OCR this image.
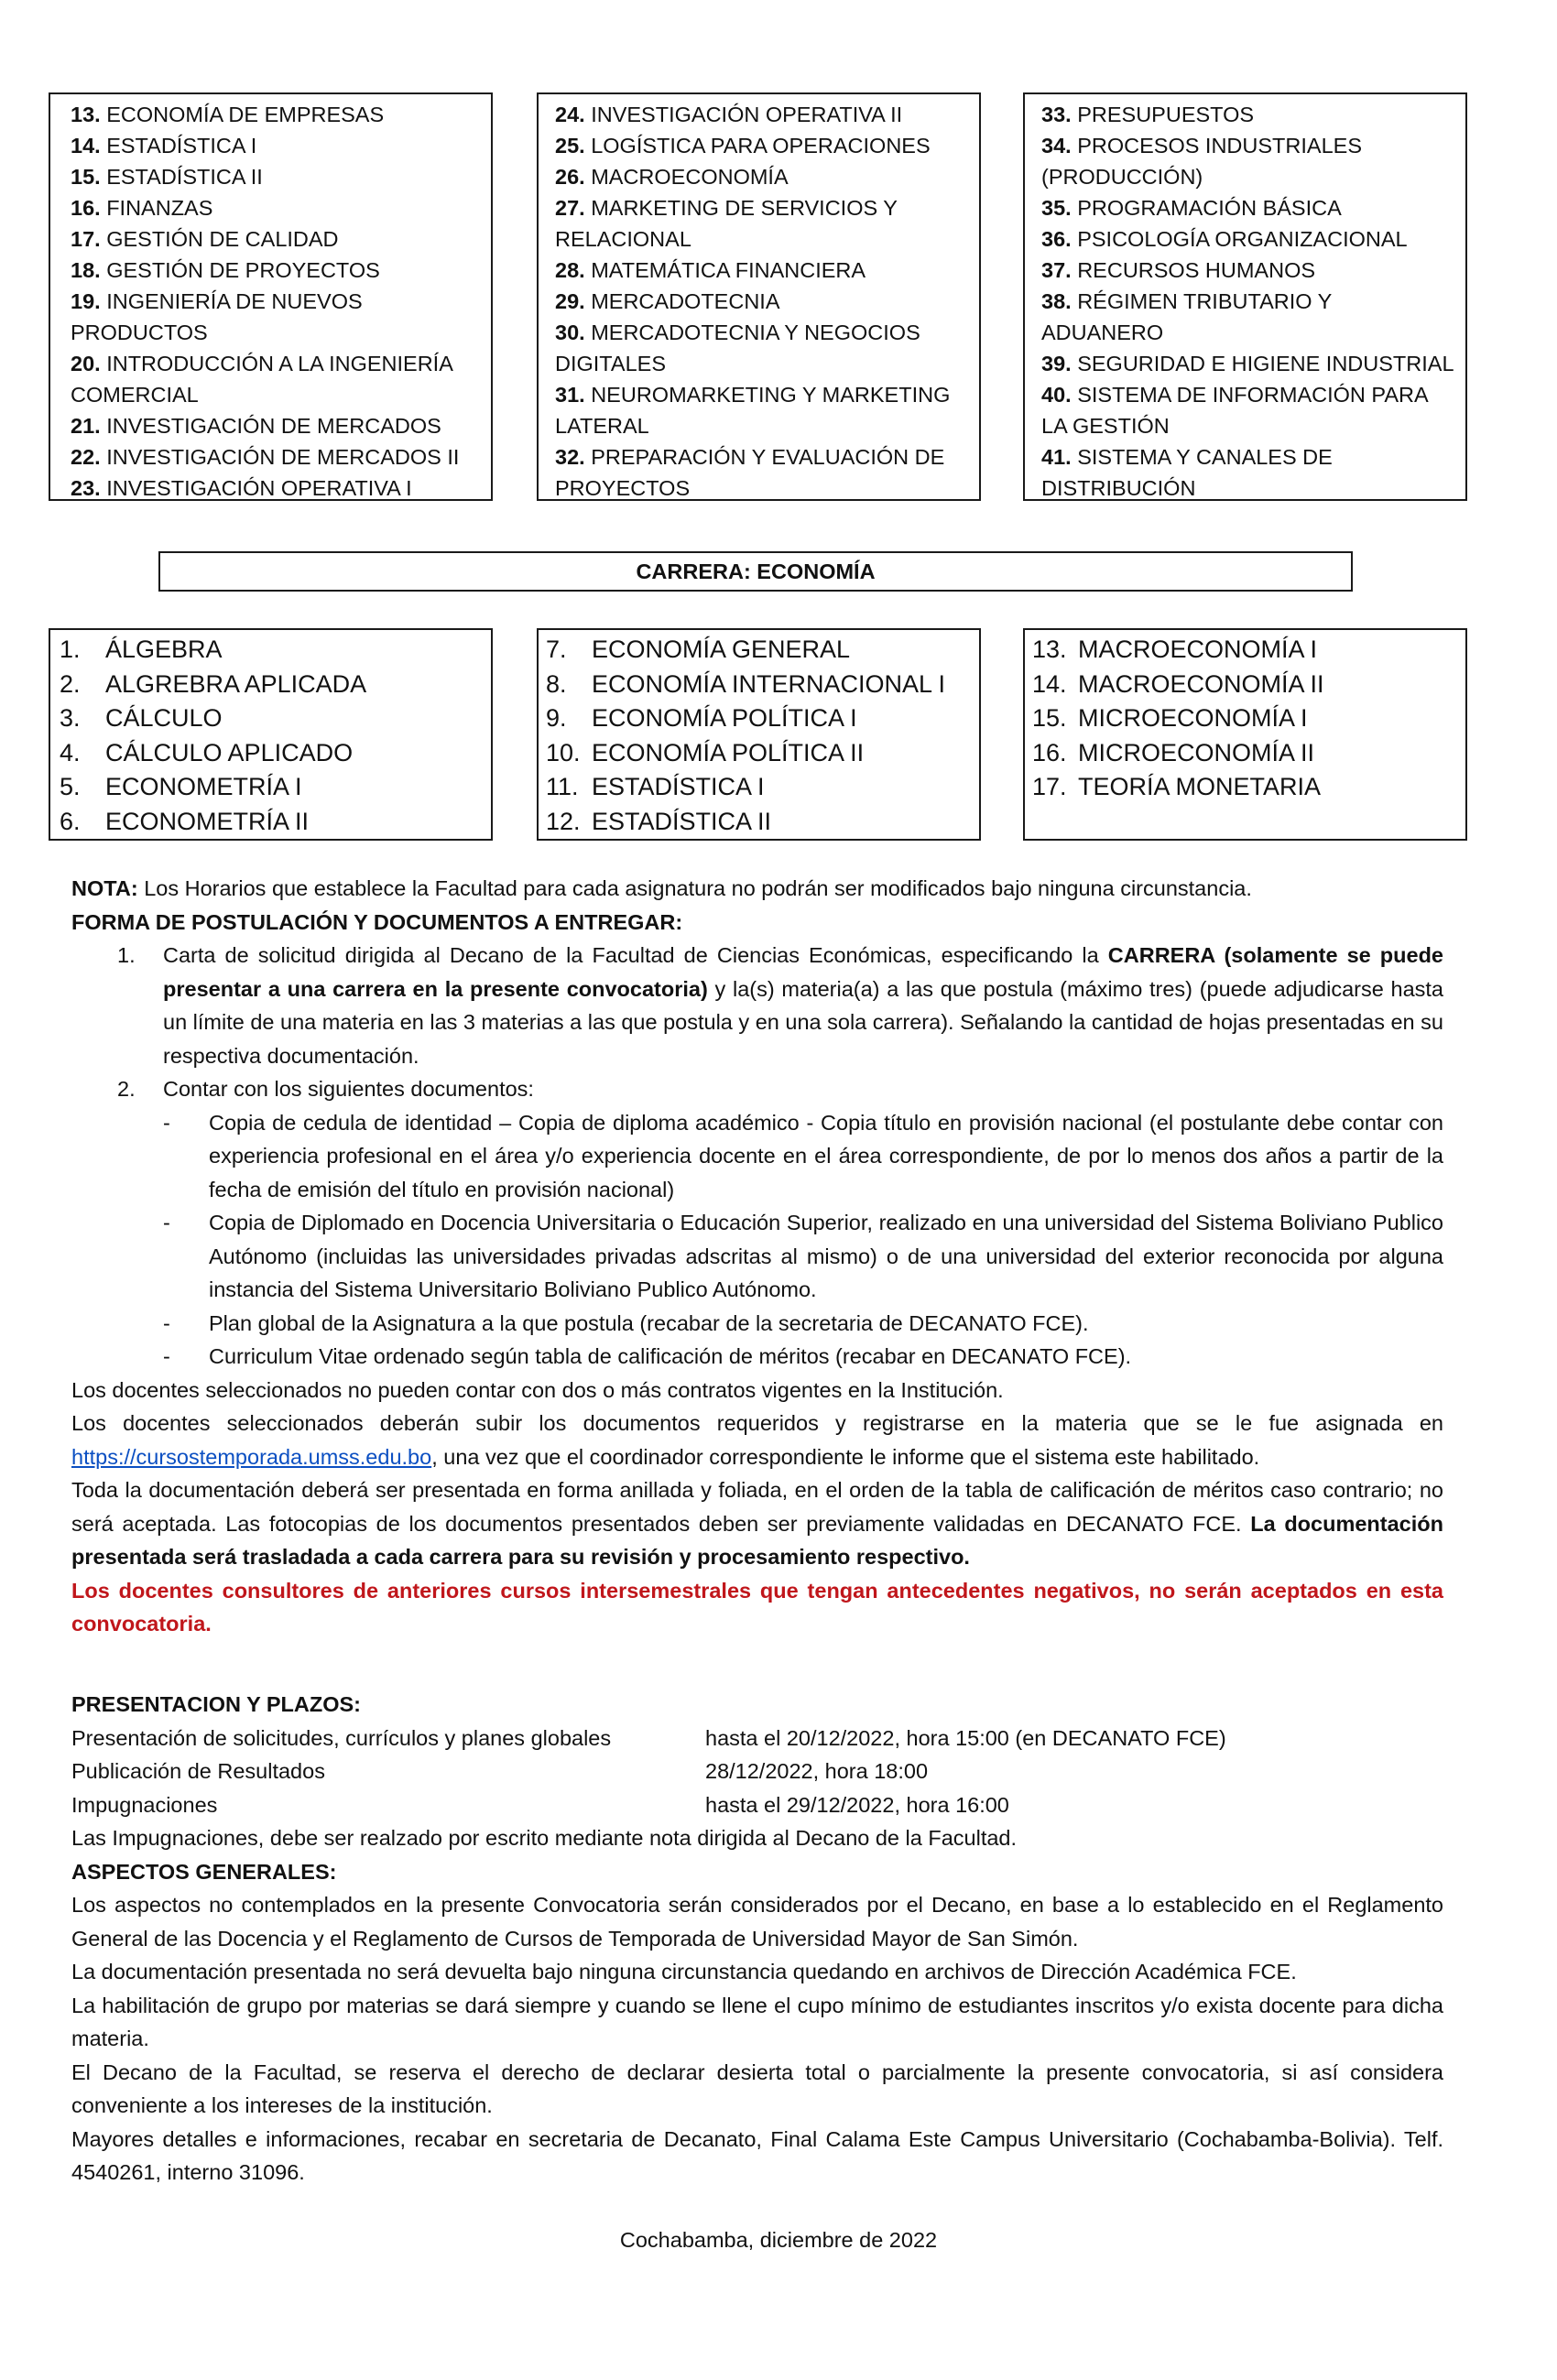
13. ECONOMÍA DE EMPRESAS
14. ESTADÍSTICA I
15. ESTADÍSTICA II
16. FINANZAS
17. GESTIÓN DE CALIDAD
18. GESTIÓN DE PROYECTOS
19. INGENIERÍA DE NUEVOS PRODUCTOS
20. INTRODUCCIÓN A LA INGENIERÍA COMERCIAL
21. INVESTIGACIÓN DE MERCADOS
22. INVESTIGACIÓN DE MERCADOS II
23. INVESTIGACIÓN OPERATIVA I
24. INVESTIGACIÓN OPERATIVA II
25. LOGÍSTICA PARA OPERACIONES
26. MACROECONOMÍA
27. MARKETING DE SERVICIOS Y RELACIONAL
28. MATEMÁTICA FINANCIERA
29. MERCADOTECNIA
30. MERCADOTECNIA Y NEGOCIOS DIGITALES
31. NEUROMARKETING Y MARKETING LATERAL
32. PREPARACIÓN Y EVALUACIÓN DE PROYECTOS
33. PRESUPUESTOS
34. PROCESOS INDUSTRIALES (PRODUCCIÓN)
35. PROGRAMACIÓN BÁSICA
36. PSICOLOGÍA ORGANIZACIONAL
37. RECURSOS HUMANOS
38. RÉGIMEN TRIBUTARIO Y ADUANERO
39. SEGURIDAD E HIGIENE INDUSTRIAL
40. SISTEMA DE INFORMACIÓN PARA LA GESTIÓN
41. SISTEMA Y CANALES DE DISTRIBUCIÓN
CARRERA: ECONOMÍA
1.	ÁLGEBRA
2.	ALGREBRA APLICADA
3.	CÁLCULO
4.	CÁLCULO APLICADO
5.	ECONOMETRÍA I
6.	ECONOMETRÍA II
7.	ECONOMÍA GENERAL
8.	ECONOMÍA INTERNACIONAL I
9.	ECONOMÍA POLÍTICA I
10. ECONOMÍA POLÍTICA II
11. ESTADÍSTICA I
12. ESTADÍSTICA II
13. MACROECONOMÍA I
14. MACROECONOMÍA II
15. MICROECONOMÍA I
16. MICROECONOMÍA II
17. TEORÍA MONETARIA

NOTA: Los Horarios que establece la Facultad para cada asignatura no podrán ser modificados bajo ninguna circunstancia.

FORMA DE POSTULACIÓN Y DOCUMENTOS A ENTREGAR:

1. Carta de solicitud dirigida al Decano de la Facultad de Ciencias Económicas, especificando la CARRERA (solamente se puede presentar a una carrera en la presente convocatoria) y la(s) materia(a) a las que postula (máximo tres) (puede adjudicarse hasta un límite de una materia en las 3 materias a las que postula y en una sola carrera). Señalando la cantidad de hojas presentadas en su respectiva documentación.
2. Contar con los siguientes documentos:
- Copia de cedula de identidad – Copia de diploma académico - Copia título en provisión nacional (el postulante debe contar con experiencia profesional en el área y/o experiencia docente en el área correspondiente, de por lo menos dos años a partir de la fecha de emisión del título en provisión nacional)
- Copia de Diplomado en Docencia Universitaria o Educación Superior, realizado en una universidad del Sistema Boliviano Publico Autónomo (incluidas las universidades privadas adscritas al mismo) o de una universidad del exterior reconocida por alguna instancia del Sistema Universitario Boliviano Publico Autónomo.
- Plan global de la Asignatura a la que postula (recabar de la secretaria de DECANATO FCE).
- Curriculum Vitae ordenado según tabla de calificación de méritos (recabar en DECANATO FCE).

Los docentes seleccionados no pueden contar con dos o más contratos vigentes en la Institución.

Los docentes seleccionados deberán subir los documentos requeridos y registrarse en la materia que se le fue asignada en https://cursostemporada.umss.edu.bo, una vez que el coordinador correspondiente le informe que el sistema este habilitado.

Toda la documentación deberá ser presentada en forma anillada y foliada, en el orden de la tabla de calificación de méritos caso contrario; no será aceptada. Las fotocopias de los documentos presentados deben ser previamente validadas en DECANATO FCE. La documentación presentada será trasladada a cada carrera para su revisión y procesamiento respectivo.

Los docentes consultores de anteriores cursos intersemestrales que tengan antecedentes negativos, no serán aceptados en esta convocatoria.

PRESENTACION Y PLAZOS:

Presentación de solicitudes, currículos y planes globales	hasta el 20/12/2022, hora 15:00 (en DECANATO FCE)
Publicación de Resultados	28/12/2022, hora 18:00
Impugnaciones	hasta el 29/12/2022, hora 16:00

Las Impugnaciones, debe ser realzado por escrito mediante nota dirigida al Decano de la Facultad.

ASPECTOS GENERALES:

Los aspectos no contemplados en la presente Convocatoria serán considerados por el Decano, en base a lo establecido en el Reglamento General de las Docencia y el Reglamento de Cursos de Temporada de Universidad Mayor de San Simón.

La documentación presentada no será devuelta bajo ninguna circunstancia quedando en archivos de Dirección Académica FCE.

La habilitación de grupo por materias se dará siempre y cuando se llene el cupo mínimo de estudiantes inscritos y/o exista docente para dicha materia.

El Decano de la Facultad, se reserva el derecho de declarar desierta total o parcialmente la presente convocatoria, si así considera conveniente a los intereses de la institución.

Mayores detalles e informaciones, recabar en secretaria de Decanato, Final Calama Este Campus Universitario (Cochabamba-Bolivia). Telf. 4540261, interno 31096.

Cochabamba, diciembre de 2022
